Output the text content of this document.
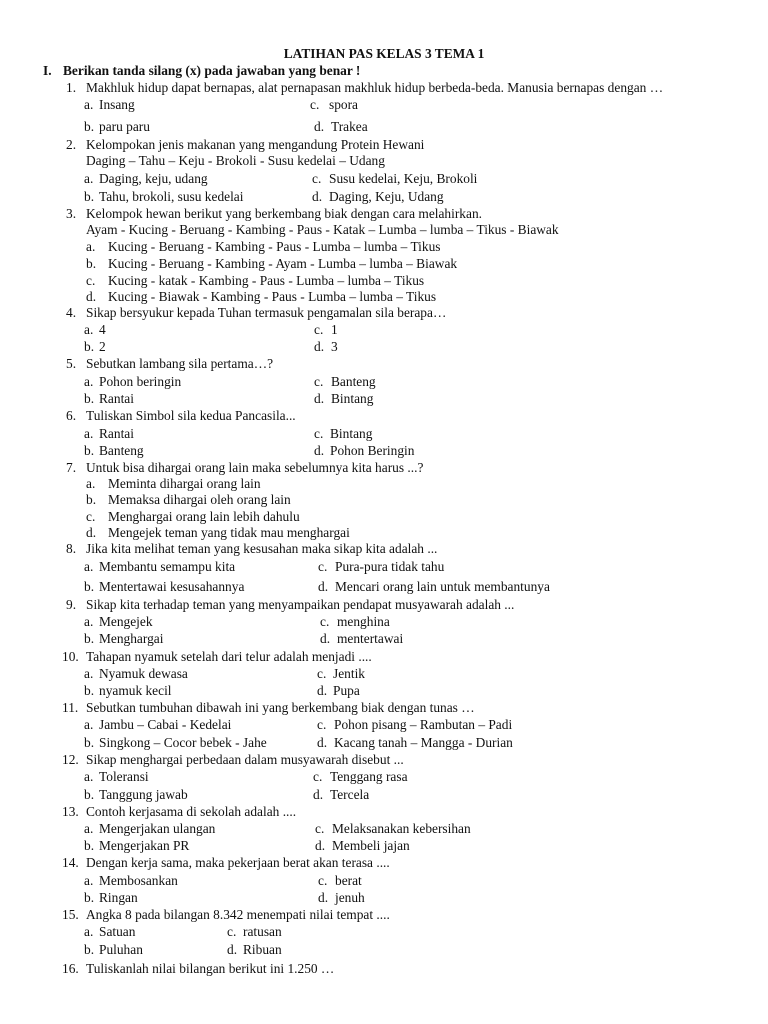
LATIHAN PAS KELAS 3 TEMA 1
I. Berikan tanda silang (x) pada jawaban yang benar !
1. Makhluk hidup dapat bernapas, alat pernapasan makhluk hidup berbeda-beda. Manusia bernapas dengan …
a. Insang	c. spora
b. paru paru	d. Trakea
2. Kelompokan jenis makanan yang mengandung Protein Hewani
Daging – Tahu – Keju - Brokoli - Susu kedelai – Udang
a. Daging, keju, udang	c. Susu kedelai, Keju, Brokoli
b. Tahu, brokoli, susu kedelai	d. Daging, Keju, Udang
3. Kelompok hewan berikut yang berkembang biak dengan cara melahirkan.
Ayam - Kucing - Beruang - Kambing - Paus - Katak – Lumba – lumba – Tikus - Biawak
a. Kucing - Beruang - Kambing - Paus - Lumba – lumba – Tikus
b. Kucing - Beruang - Kambing - Ayam - Lumba – lumba – Biawak
c. Kucing - katak - Kambing - Paus - Lumba – lumba – Tikus
d. Kucing - Biawak - Kambing - Paus - Lumba – lumba – Tikus
4. Sikap bersyukur kepada Tuhan termasuk pengamalan sila berapa…
a. 4	c. 1
b. 2	d. 3
5. Sebutkan lambang sila pertama…?
a. Pohon beringin	c. Banteng
b. Rantai	d. Bintang
6. Tuliskan Simbol sila kedua Pancasila...
a. Rantai	c. Bintang
b. Banteng	d. Pohon Beringin
7. Untuk bisa dihargai orang lain maka sebelumnya kita harus ...?
a. Meminta dihargai orang lain
b. Memaksa dihargai oleh orang lain
c. Menghargai orang lain lebih dahulu
d. Mengejek teman yang tidak mau menghargai
8. Jika kita melihat teman yang kesusahan maka sikap kita adalah ...
a. Membantu semampu kita	c. Pura-pura tidak tahu
b. Mentertawai kesusahannya	d. Mencari orang lain untuk membantunya
9. Sikap kita terhadap teman yang menyampaikan pendapat musyawarah adalah ...
a. Mengejek	c. menghina
b. Menghargai	d. mentertawai
10. Tahapan nyamuk setelah dari telur adalah menjadi ....
a. Nyamuk dewasa	c. Jentik
b. nyamuk kecil	d. Pupa
11. Sebutkan tumbuhan dibawah ini yang berkembang biak dengan tunas …
a. Jambu – Cabai - Kedelai	c. Pohon pisang – Rambutan – Padi
b. Singkong – Cocor bebek - Jahe	d. Kacang tanah – Mangga - Durian
12. Sikap menghargai perbedaan dalam musyawarah disebut ...
a. Toleransi	c. Tenggang rasa
b. Tanggung jawab	d. Tercela
13. Contoh kerjasama di sekolah adalah ....
a. Mengerjakan ulangan	c. Melaksanakan kebersihan
b. Mengerjakan PR	d. Membeli jajan
14. Dengan kerja sama, maka pekerjaan berat akan terasa ....
a. Membosankan	c. berat
b. Ringan	d. jenuh
15. Angka 8 pada bilangan 8.342 menempati nilai tempat ....
a. Satuan	c. ratusan
b. Puluhan	d. Ribuan
16. Tuliskanlah nilai bilangan berikut ini 1.250 …
